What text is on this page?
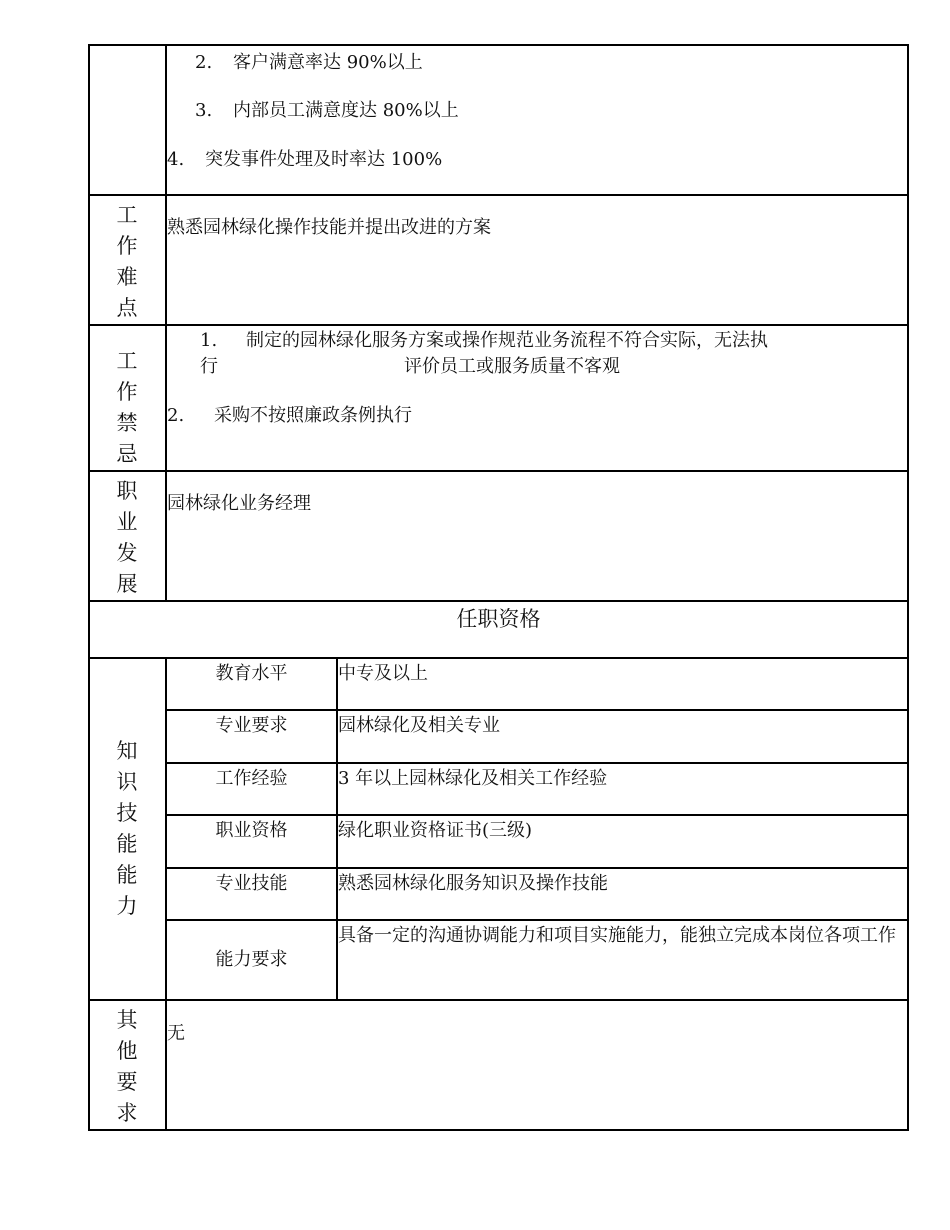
	2. 客户满意率达 90%以上
3. 内部员工满意度达 80%以上
4. 突发事件处理及时率达 100%	

工作难点	熟悉园林绿化操作技能并提出改进的方案	

工作禁忌	1. 制定的园林绿化服务方案或操作规范业务流程不符合实际，无法执
行 评价员工或服务质量不客观
2. 采购不按照廉政条例执行	

职业发展	园林绿化业务经理	

任职资格		

知识技能能力	教育水平	中专及以上
	专业要求	园林绿化及相关专业
	工作经验	3 年以上园林绿化及相关工作经验
	职业资格	绿化职业资格证书(三级)
	专业技能	熟悉园林绿化服务知识及操作技能
	能力要求	具备一定的沟通协调能力和项目实施能力，能独立完成本岗位各项工作

其他要求	无	
